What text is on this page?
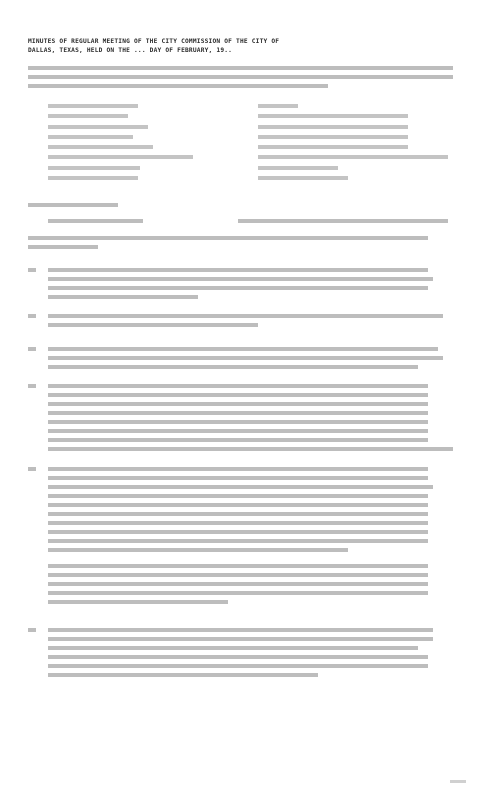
MINUTES OF REGULAR MEETING OF THE CITY COMMISSION OF THE CITY OF
DALLAS, TEXAS, HELD ON THE ... DAY OF FEBRUARY, 19..
